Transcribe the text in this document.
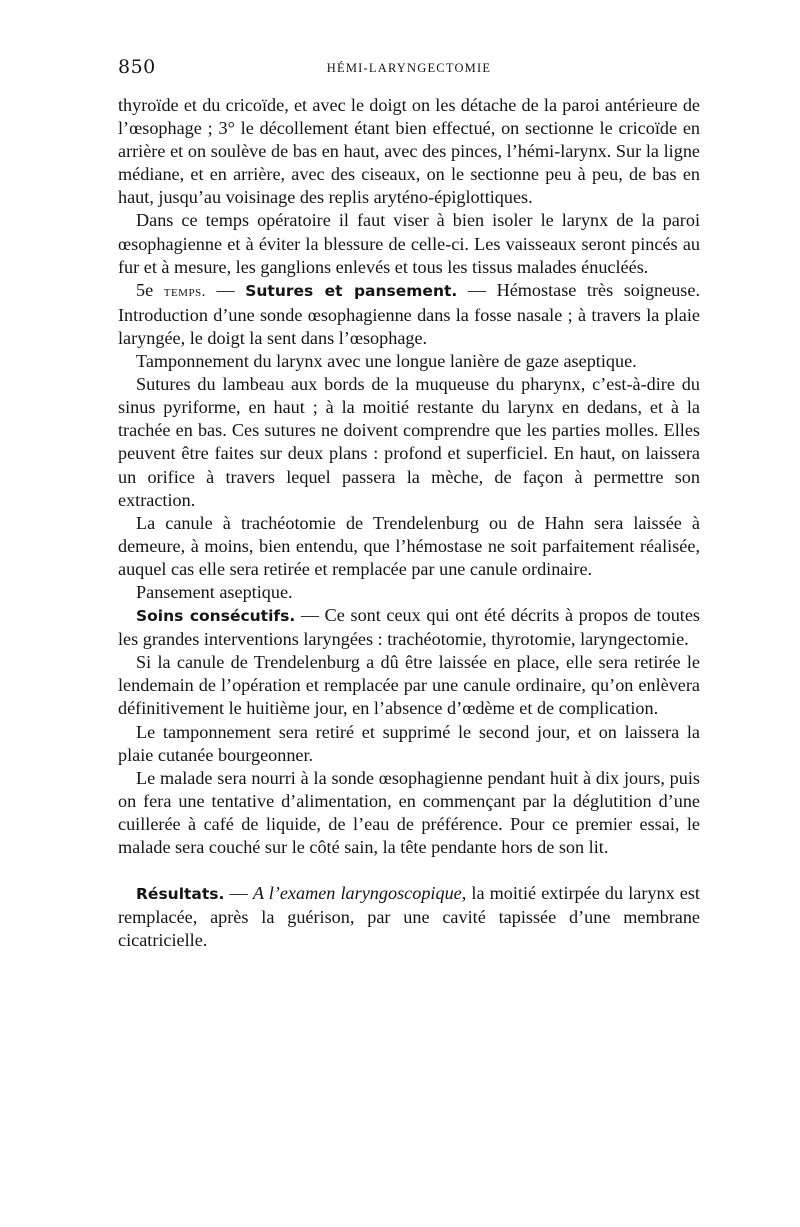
850	HÉMI-LARYNGECTOMIE

thyroïde et du cricoïde, et avec le doigt on les détache de la paroi antérieure de l’œsophage ; 3° le décollement étant bien effectué, on sectionne le cricoïde en arrière et on soulève de bas en haut, avec des pinces, l’hémi-larynx. Sur la ligne médiane, et en arrière, avec des ciseaux, on le sectionne peu à peu, de bas en haut, jusqu’au voisinage des replis aryténo-épiglottiques.

Dans ce temps opératoire il faut viser à bien isoler le larynx de la paroi œsophagienne et à éviter la blessure de celle-ci. Les vaisseaux seront pincés au fur et à mesure, les ganglions enlevés et tous les tissus malades énucléés.

5e temps. — Sutures et pansement. — Hémostase très soigneuse. Introduction d’une sonde œsophagienne dans la fosse nasale ; à travers la plaie laryngée, le doigt la sent dans l’œsophage.

Tamponnement du larynx avec une longue lanière de gaze aseptique.

Sutures du lambeau aux bords de la muqueuse du pharynx, c’est-à-dire du sinus pyriforme, en haut ; à la moitié restante du larynx en dedans, et à la trachée en bas. Ces sutures ne doivent comprendre que les parties molles. Elles peuvent être faites sur deux plans : profond et superficiel. En haut, on laissera un orifice à travers lequel passera la mèche, de façon à permettre son extraction.

La canule à trachéotomie de Trendelenburg ou de Hahn sera laissée à demeure, à moins, bien entendu, que l’hémostase ne soit parfaitement réalisée, auquel cas elle sera retirée et remplacée par une canule ordinaire.

Pansement aseptique.

Soins consécutifs. — Ce sont ceux qui ont été décrits à propos de toutes les grandes interventions laryngées : trachéotomie, thyrotomie, laryngectomie.

Si la canule de Trendelenburg a dû être laissée en place, elle sera retirée le lendemain de l’opération et remplacée par une canule ordinaire, qu’on enlèvera définitivement le huitième jour, en l’absence d’œdème et de complication.

Le tamponnement sera retiré et supprimé le second jour, et on laissera la plaie cutanée bourgeonner.

Le malade sera nourri à la sonde œsophagienne pendant huit à dix jours, puis on fera une tentative d’alimentation, en commençant par la déglutition d’une cuillerée à café de liquide, de l’eau de préférence. Pour ce premier essai, le malade sera couché sur le côté sain, la tête pendante hors de son lit.

Résultats. — A l’examen laryngoscopique, la moitié extirpée du larynx est remplacée, après la guérison, par une cavité tapissée d’une membrane cicatricielle.
